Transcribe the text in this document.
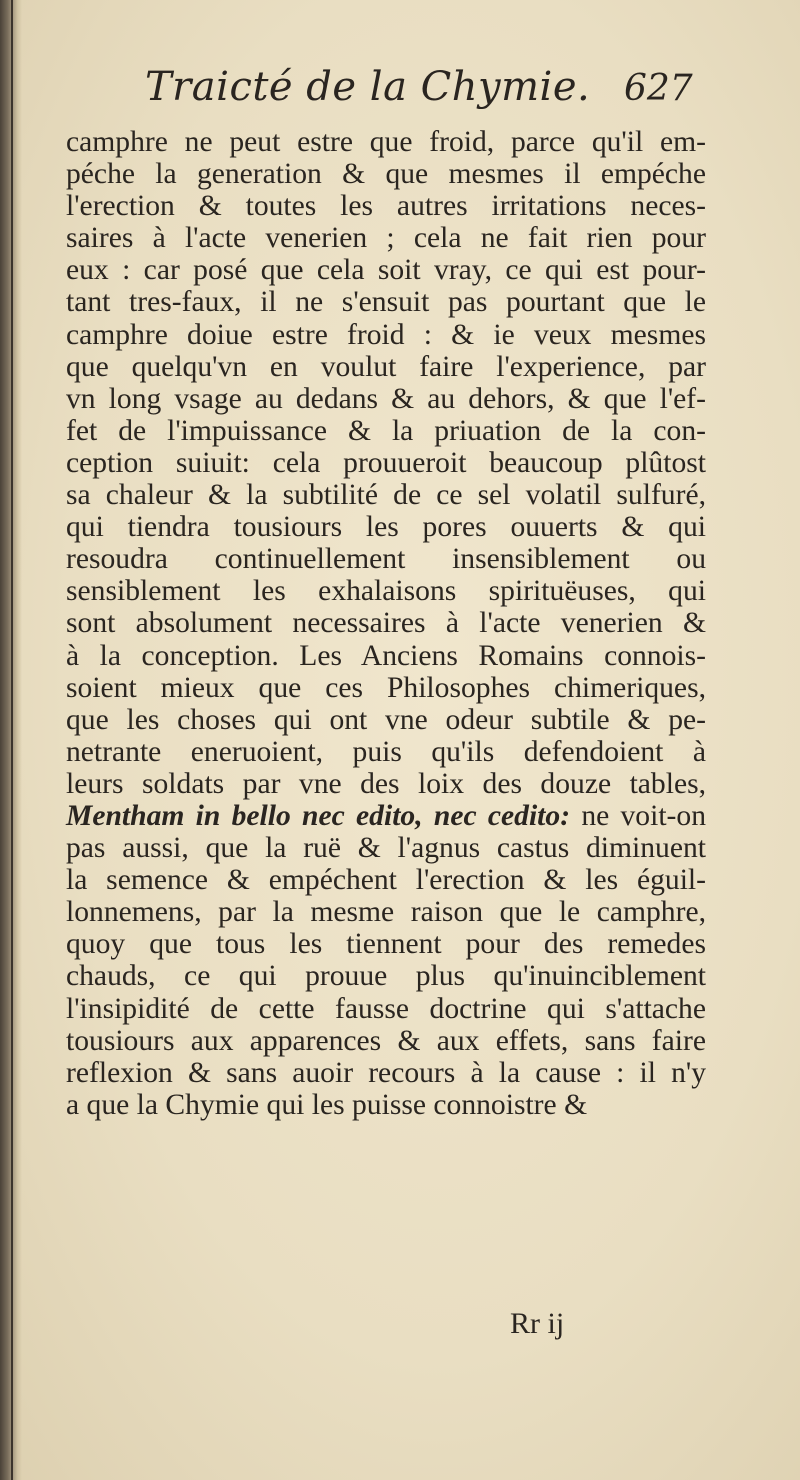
Traicté de la Chymie. 627
camphre ne peut estre que froid, parce qu'il em-
péche la generation & que mesmes il empéche
l'erection & toutes les autres irritations neces-
saires à l'acte venerien ; cela ne fait rien pour
eux : car posé que cela soit vray, ce qui est pour-
tant tres-faux, il ne s'ensuit pas pourtant que le
camphre doiue estre froid : & ie veux mesmes
que quelqu'vn en voulut faire l'experience, par
vn long vsage au dedans & au dehors, & que l'ef-
fet de l'impuissance & la priuation de la con-
ception suiuit: cela prouueroit beaucoup plûtost
sa chaleur & la subtilité de ce sel volatil sulfuré,
qui tiendra tousiours les pores ouuerts & qui
resoudra continuellement insensiblement ou
sensiblement les exhalaisons spirituëuses, qui
sont absolument necessaires à l'acte venerien &
à la conception. Les Anciens Romains connois-
soient mieux que ces Philosophes chimeriques,
que les choses qui ont vne odeur subtile & pe-
netrante eneruoient, puis qu'ils defendoient à
leurs soldats par vne des loix des douze tables,
Mentham in bello nec edito, nec cedito: ne voit-on
pas aussi, que la ruë & l'agnus castus diminuent
la semence & empéchent l'erection & les éguil-
lonnemens, par la mesme raison que le camphre,
quoy que tous les tiennent pour des remedes
chauds, ce qui prouue plus qu'inuinciblement
l'insipidité de cette fausse doctrine qui s'attache
tousiours aux apparences & aux effets, sans faire
reflexion & sans auoir recours à la cause : il n'y
a que la Chymie qui les puisse connoistre &
Rr ij
